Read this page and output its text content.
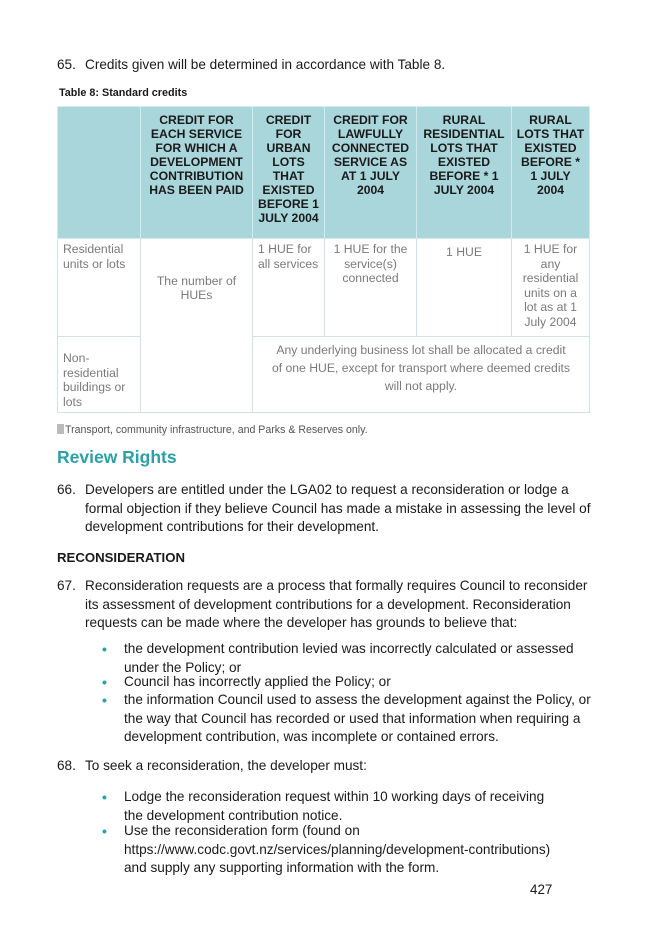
65. Credits given will be determined in accordance with Table 8.
Table 8: Standard credits
	CREDIT FOR EACH SERVICE FOR WHICH A DEVELOPMENT CONTRIBUTION HAS BEEN PAID	CREDIT FOR URBAN LOTS THAT EXISTED BEFORE 1 JULY 2004	CREDIT FOR LAWFULLY CONNECTED SERVICE AS AT 1 JULY 2004	RURAL RESIDENTIAL LOTS THAT EXISTED BEFORE * 1 JULY 2004	RURAL LOTS THAT EXISTED BEFORE * 1 JULY 2004
Residential units or lots	The number of HUEs	1 HUE for all services	1 HUE for the service(s) connected	1 HUE	1 HUE for any residential units on a lot as at 1 July 2004
Non-residential buildings or lots		Any underlying business lot shall be allocated a credit of one HUE, except for transport where deemed credits will not apply.			
Transport, community infrastructure, and Parks & Reserves only.
Review Rights
66. Developers are entitled under the LGA02 to request a reconsideration or lodge a formal objection if they believe Council has made a mistake in assessing the level of development contributions for their development.
RECONSIDERATION
67. Reconsideration requests are a process that formally requires Council to reconsider its assessment of development contributions for a development. Reconsideration requests can be made where the developer has grounds to believe that:
• the development contribution levied was incorrectly calculated or assessed under the Policy; or
• Council has incorrectly applied the Policy; or
• the information Council used to assess the development against the Policy, or the way that Council has recorded or used that information when requiring a development contribution, was incomplete or contained errors.
68. To seek a reconsideration, the developer must:
• Lodge the reconsideration request within 10 working days of receiving the development contribution notice.
• Use the reconsideration form (found on https://www.codc.govt.nz/services/planning/development-contributions) and supply any supporting information with the form.
427
